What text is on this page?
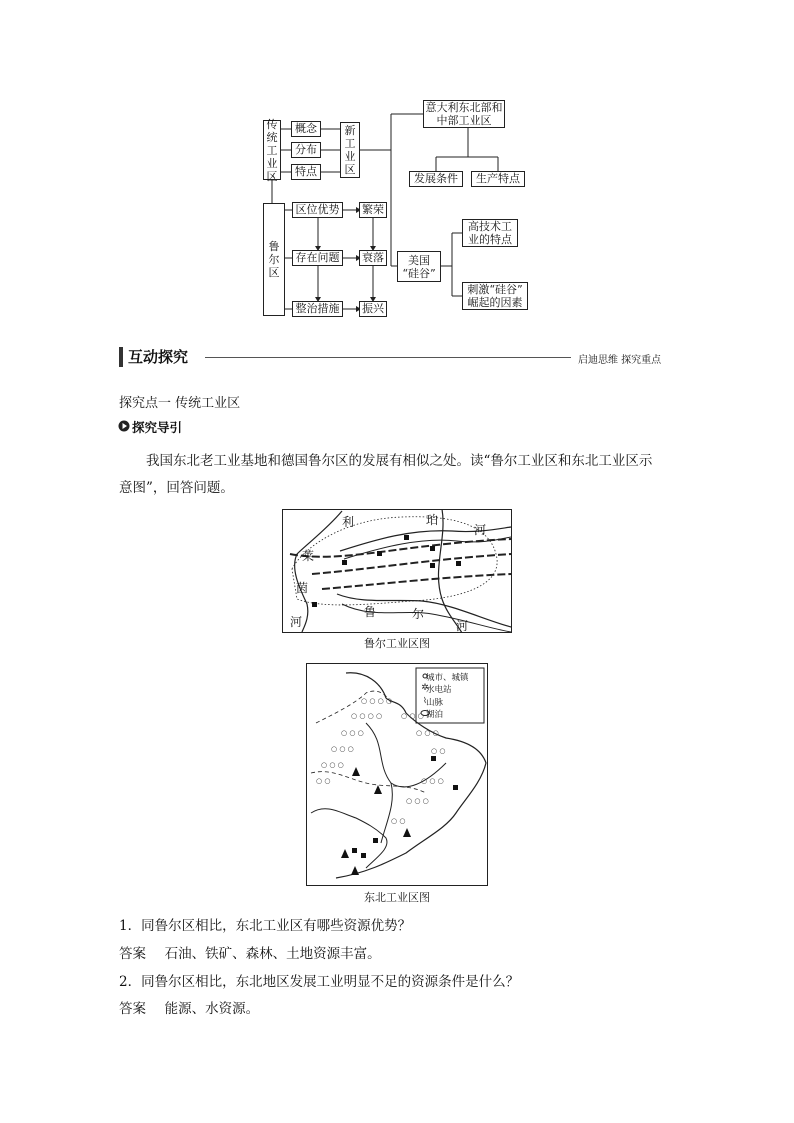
传
统
工
业
区
概念
分布
特点
新
工
业
区
意大利东北部和
中部工业区
发展条件	生产特点
鲁
尔
区
区位优势
存在问题
整治措施
繁荣
衰落
振兴
美国
“硅谷”
高技术工
业的特点
刺激“硅谷”
崛起的因素
互动探究	启迪思维 探究重点
探究点一 传统工业区
探究导引
我国东北老工业基地和德国鲁尔区的发展有相似之处。读“鲁尔工业区和东北工业区示
意图”，回答问题。
利	珀
河
莱
茵
河
鲁	尔
河
鲁尔工业区图
✲
⌇
○ ○ ○ ○
○ ○ ○ ○
○ ○ ○
○ ○ ○
○ ○ ○
○ ○
○ ○ ○
○ ○ ○
○ ○
○ ○ ○
○ ○ ○
○ ○
城市、城镇
水电站
山脉
湖泊
东北工业区图
1．同鲁尔区相比，东北工业区有哪些资源优势？
答案 石油、铁矿、森林、土地资源丰富。
2．同鲁尔区相比，东北地区发展工业明显不足的资源条件是什么？
答案 能源、水资源。
